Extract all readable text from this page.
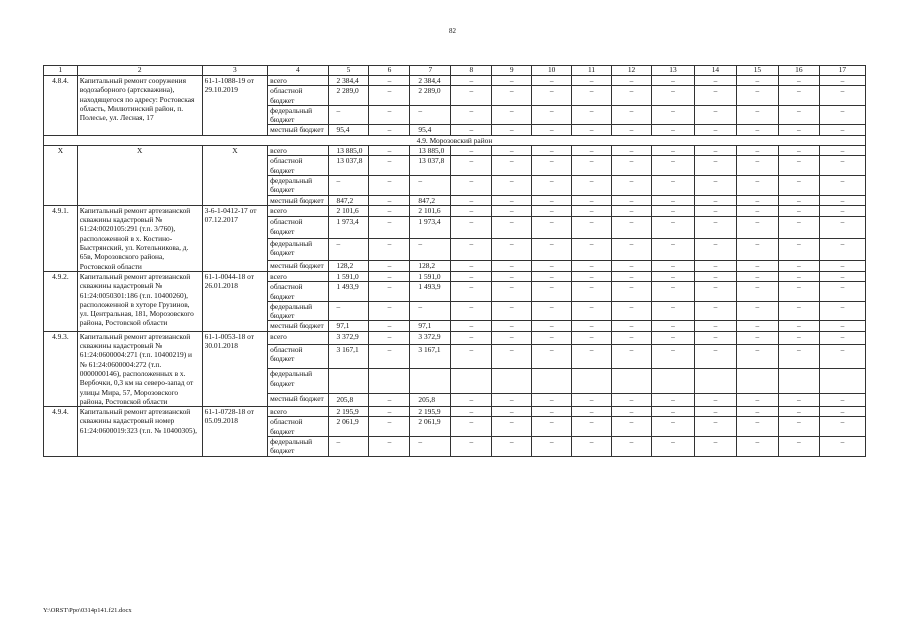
82
1	2	3	4	5	6	7	8	9	10	11	12	13	14	15	16	17
4.8.4.	Капитальный ремонт сооружения водозаборного (артскважина), находящегося по адресу: Ростовская область, Милютинский район, п. Полесье, ул. Лесная, 17	61-1-1088-19 от 29.10.2019	всего	2 384,4	–	2 384,4	–	–	–	–	–	–	–	–	–	–
			областной бюджет	2 289,0	–	2 289,0	–	–	–	–	–	–	–	–	–	–
			федеральный бюджет	–	–	–	–	–	–	–	–	–	–	–	–	–
			местный бюджет	95,4	–	95,4	–	–	–	–	–	–	–	–	–	–
4.9. Морозовский район																
Х	Х	Х	всего	13 885,0	–	13 885,0	–	–	–	–	–	–	–	–	–	–
			областной бюджет	13 037,8	–	13 037,8	–	–	–	–	–	–	–	–	–	–
			федеральный бюджет	–	–	–	–	–	–	–	–	–	–	–	–	–
			местный бюджет	847,2	–	847,2	–	–	–	–	–	–	–	–	–	–
4.9.1.	Капитальный ремонт артезианской скважины кадастровый № 61:24:0020105:291 (т.п. 3/760), расположенной в х. Костино-Быстрянский, ул. Котельникова, д. 65в, Морозовского района, Ростовской области	3-6-1-0412-17 от 07.12.2017	всего	2 101,6	–	2 101,6	–	–	–	–	–	–	–	–	–	–
			областной бюджет	1 973,4	–	1 973,4	–	–	–	–	–	–	–	–	–	–
			федеральный бюджет	–	–	–	–	–	–	–	–	–	–	–	–	–
			местный бюджет	128,2	–	128,2	–	–	–	–	–	–	–	–	–	–
4.9.2.	Капитальный ремонт артезианской скважины кадастровый № 61:24:0050301:186 (т.п. 10400260), расположенной в хуторе Грузинов, ул. Центральная, 181, Морозовского района, Ростовской области	61-1-0044-18 от 26.01.2018	всего	1 591,0	–	1 591,0	–	–	–	–	–	–	–	–	–	–
			областной бюджет	1 493,9	–	1 493,9	–	–	–	–	–	–	–	–	–	–
			федеральный бюджет	–	–	–	–	–	–	–	–	–	–	–	–	–
			местный бюджет	97,1	–	97,1	–	–	–	–	–	–	–	–	–	–
4.9.3.	Капитальный ремонт артезианской скважины кадастровый № 61:24:0600004:271 (т.п. 10400219) и № 61:24:0600004:272 (т.п. 0000000146), расположенных в х. Вербочки, 0,3 км на северо-запад от улицы Мира, 57, Морозовского района, Ростовской области	61-1-0053-18 от 30.01.2018	всего	3 372,9	–	3 372,9	–	–	–	–	–	–	–	–	–	–
			областной бюджет	3 167,1	–	3 167,1	–	–	–	–	–	–	–	–	–	–
			федеральный бюджет													
			местный бюджет	205,8	–	205,8	–	–	–	–	–	–	–	–	–	–
4.9.4.	Капитальный ремонт артезианской скважины кадастровый номер 61:24:0600019:323 (т.п. № 10400305),	61-1-0728-18 от 05.09.2018	всего	2 195,9	–	2 195,9	–	–	–	–	–	–	–	–	–	–
			областной бюджет	2 061,9	–	2 061,9	–	–	–	–	–	–	–	–	–	–
			федеральный бюджет	–	–	–	–	–	–	–	–	–	–	–	–	–
Y:\ORST\Ppo\0314p141.f21.docx
